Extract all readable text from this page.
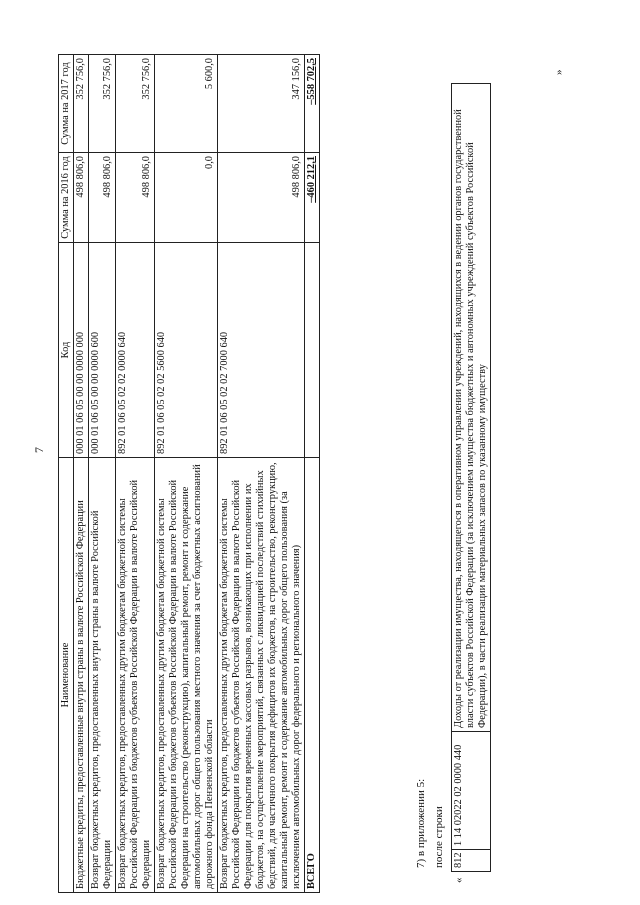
7
Наименование	Код	Сумма на 2016 год	Сумма на 2017 год
Бюджетные кредиты, предоставленные внутри страны в валюте Российской Федерации	000 01 06 05 00 00 0000 000	498 806,0	352 756,0
Возврат бюджетных кредитов, предоставленных внутри страны в валюте Российской Федерации	000 01 06 05 00 00 0000 600	498 806,0	352 756,0
Возврат бюджетных кредитов, предоставленных другим бюджетам бюджетной системы Российской Федерации из бюджетов субъектов Российской Федерации в валюте Российской Федерации	892 01 06 05 02 02 0000 640	498 806,0	352 756,0
Возврат бюджетных кредитов, предоставленных другим бюджетам бюджетной системы Российской Федерации из бюджетов субъектов Российской Федерации в валюте Российской Федерации на строительство (реконструкцию), капитальный ремонт, ремонт и содержание автомобильных дорог общего пользования местного значения за счет бюджетных ассигнований дорожного фонда Пензенской области	892 01 06 05 02 02 5600 640	0,0	5 600,0
Возврат бюджетных кредитов, предоставленных другим бюджетам бюджетной системы Российской Федерации из бюджетов субъектов Российской Федерации в валюте Российской Федерации для покрытия временных кассовых разрывов, возникающих при исполнении их бюджетов, на осуществление мероприятий, связанных с ликвидацией последствий стихийных бедствий, для частичного покрытия дефицитов их бюджетов, на строительство, реконструкцию, капитальный ремонт, ремонт и содержание автомобильных дорог общего пользования (за исключением автомобильных дорог федерального и регионального значения)	892 01 06 05 02 02 7000 640	498 806,0	347 156,0
ВСЕГО		–460 212,1	–558 702,5
7) в приложении 5: после строки
«
812	1 14 02022 02 0000 440	Доходы от реализации имущества, находящегося в оперативном управлении учреждений, находящихся в ведении органов государственной власти субъектов Российской Федерации (за исключением имущества бюджетных и автономных учреждений субъектов Российской Федерации), в части реализации материальных запасов по указанному имуществу
»
